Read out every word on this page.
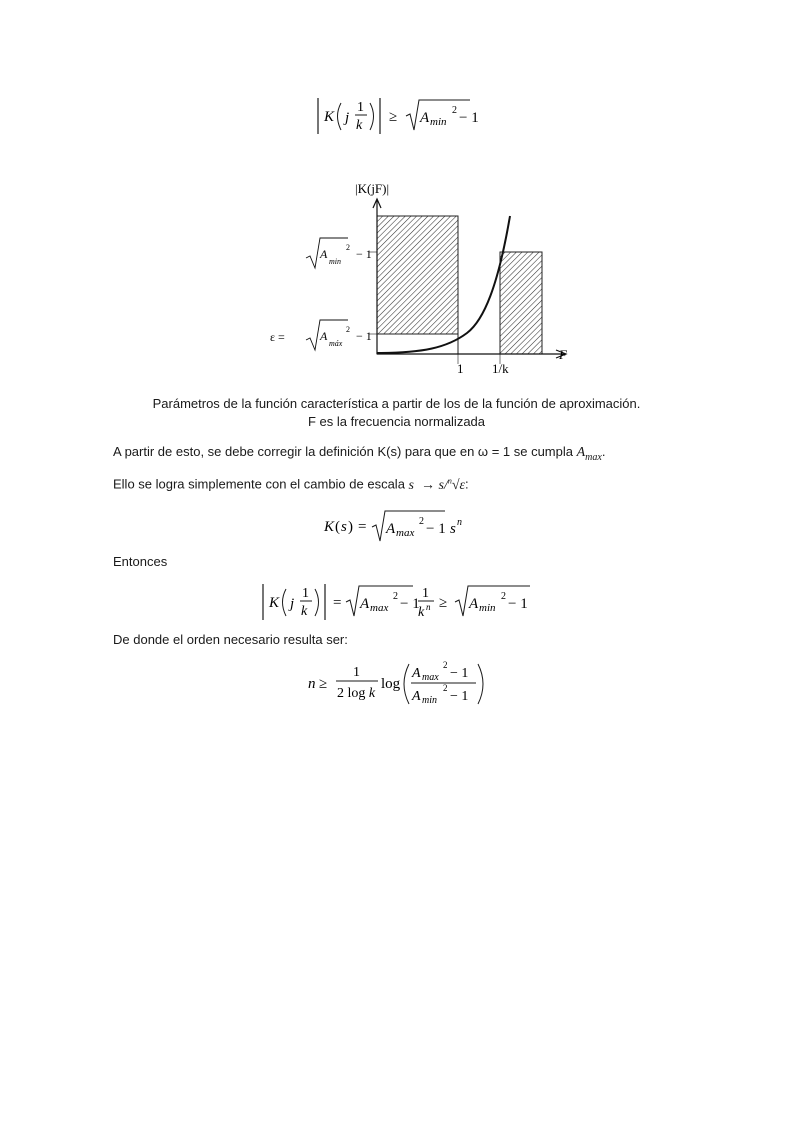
K j
1
k
≥ A min
2 − 1
|K(jF)|
F
1 1/k
A
min
2 − 1
ε =	A
máx
2 − 1
Parámetros de la función característica a partir de los de la función de aproximación.
F es la frecuencia normalizada
A partir de esto, se debe corregir la definición K(s) para que en ω = 1 se cumpla $A_{max}$.
Ello se logra simplemente con el cambio de escala s  → s/$^n$√ε:
K ( s ) = A max
2 − 1 s n
Entonces
K j
1
k
= A max
2 − 1
1
k n ≥ A min
2 − 1
De donde el orden necesario resulta ser:
n ≥
1
2 log k
log
A max
2
− 1
A min
2
− 1
